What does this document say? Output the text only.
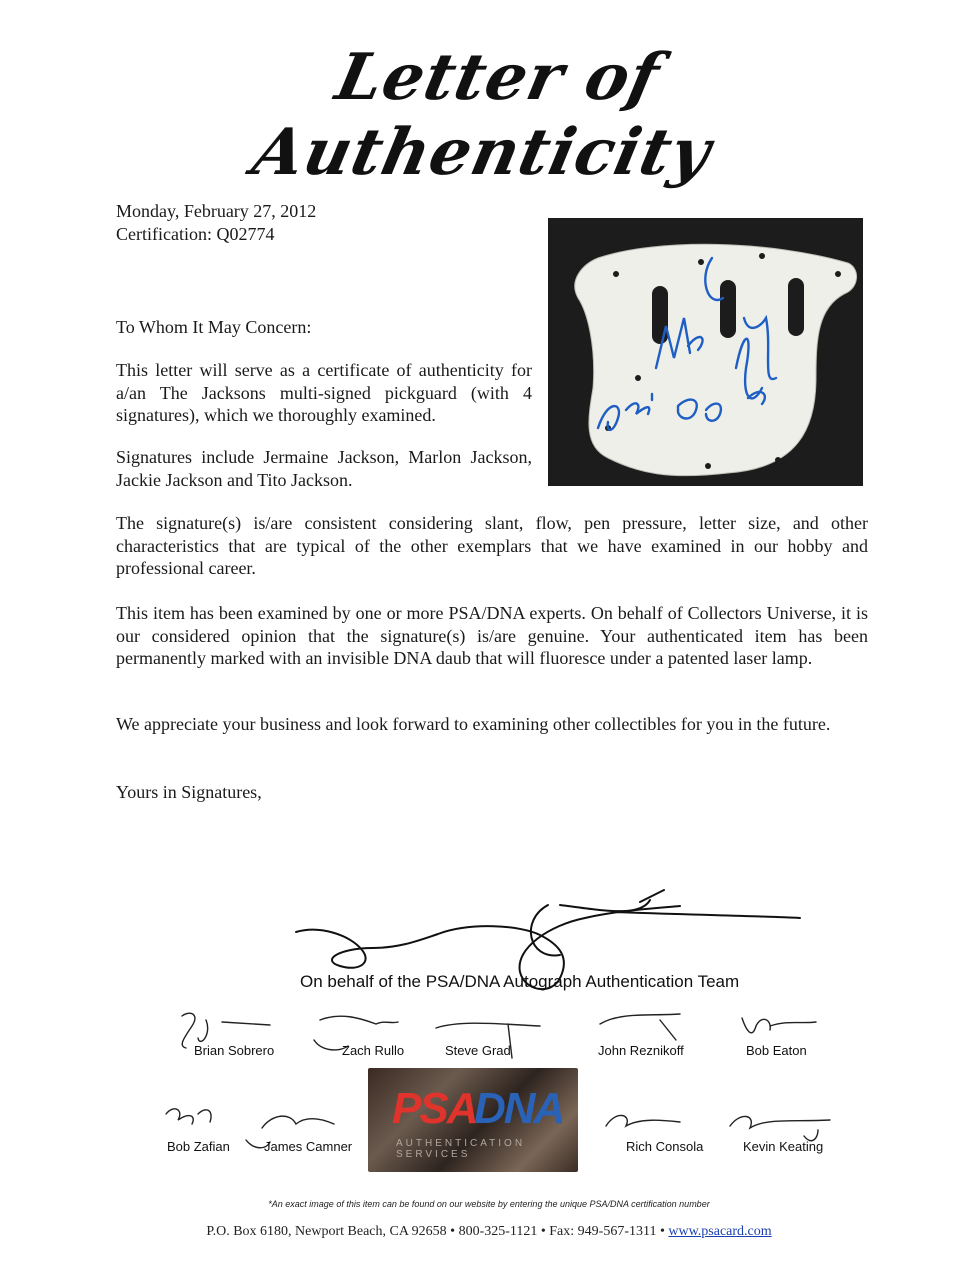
Letter of Authenticity
Monday, February 27, 2012
Certification: Q02774

To Whom It May Concern:

This letter will serve as a certificate of authenticity for a/an The Jacksons multi-signed pickguard (with 4 signatures), which we thoroughly examined.

Signatures include Jermaine Jackson, Marlon Jackson, Jackie Jackson and Tito Jackson.

The signature(s) is/are consistent considering slant, flow, pen pressure, letter size, and other characteristics that are typical of the other exemplars that we have examined in our hobby and professional career.

This item has been examined by one or more PSA/DNA experts. On behalf of Collectors Universe, it is our considered opinion that the signature(s) is/are genuine. Your authenticated item has been permanently marked with an invisible DNA daub that will fluoresce under a patented laser lamp.

We appreciate your business and look forward to examining other collectibles for you in the future.

Yours in Signatures,

On behalf of the PSA/DNA Autograph Authentication Team
Brian Sobrero	Zach Rullo	Steve Grad	John Reznikoff	Bob Eaton
Bob Zafian	James Camner	Rich Consola	Kevin Keating
PSA
DNA
AUTHENTICATION SERVICES
*An exact image of this item can be found on our website by entering the unique PSA/DNA certification number
P.O. Box 6180, Newport Beach, CA 92658 • 800-325-1121 • Fax: 949-567-1311 • www.psacard.com
